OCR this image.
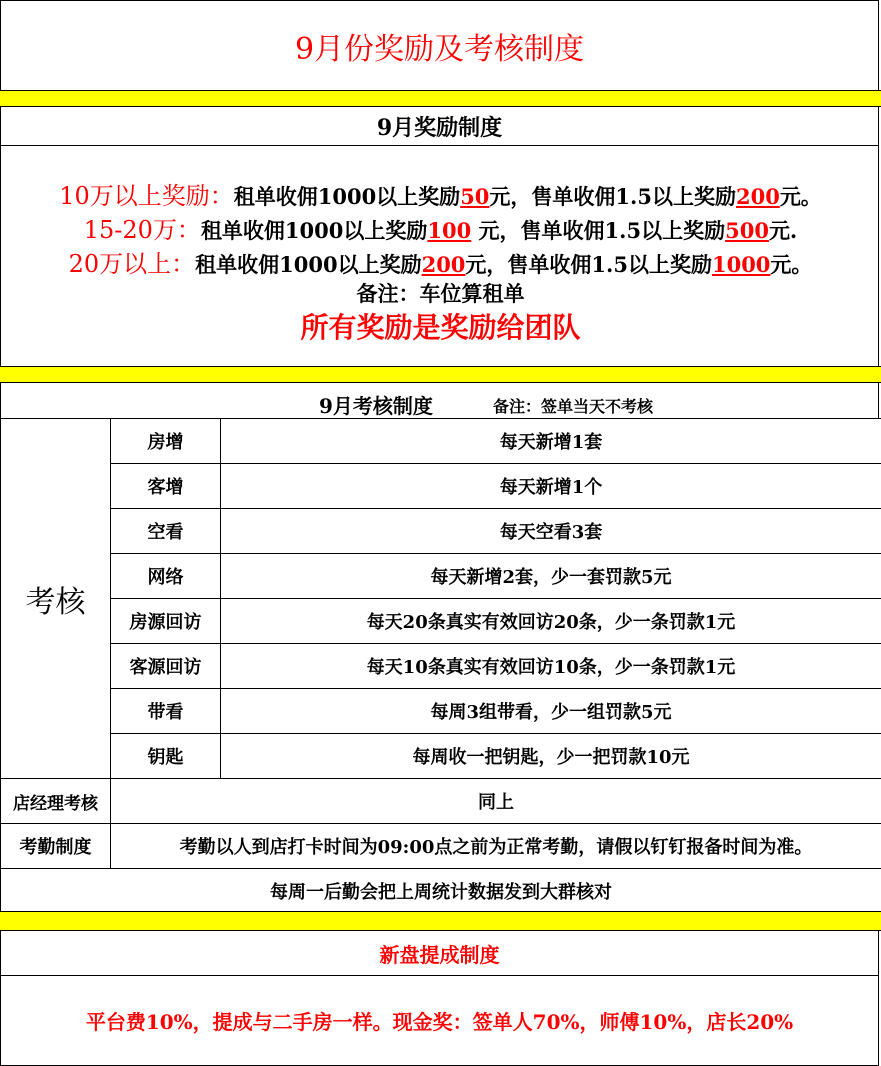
9月份奖励及考核制度
9月奖励制度
10万以上奖励：租单收佣1000以上奖励50元，售单收佣1.5以上奖励200元。
15-20万：租单收佣1000以上奖励100 元，售单收佣1.5以上奖励500元.
20万以上：租单收佣1000以上奖励200元，售单收佣1.5以上奖励1000元。
备注：车位算租单
所有奖励是奖励给团队
9月考核制度	备注：签单当天不考核
考核	房增	每天新增1套
	客增	每天新增1个
	空看	每天空看3套
	网络	每天新增2套，少一套罚款5元
	房源回访	每天20条真实有效回访20条，少一条罚款1元
	客源回访	每天10条真实有效回访10条，少一条罚款1元
	带看	每周3组带看，少一组罚款5元
	钥匙	每周收一把钥匙，少一把罚款10元
店经理考核	同上	
考勤制度	考勤以人到店打卡时间为09:00点之前为正常考勤，请假以钉钉报备时间为准。	
每周一后勤会把上周统计数据发到大群核对		
新盘提成制度
平台费10%，提成与二手房一样。现金奖：签单人70%，师傅10%，店长20%
